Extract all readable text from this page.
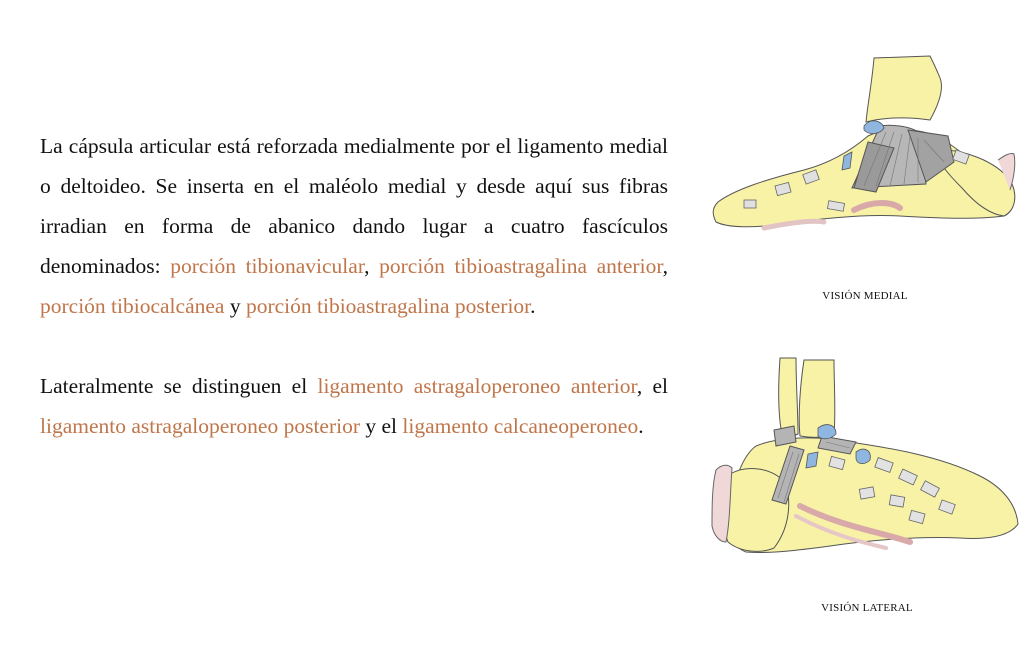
La cápsula articular está reforzada medialmente por el ligamento medial o deltoideo. Se inserta en el maléolo medial y desde aquí sus fibras irradian en forma de abanico dando lugar a cuatro fascículos denominados: porción tibionavicular, porción tibioastragalina anterior, porción tibiocalcánea y porción tibioastragalina posterior.

Lateralmente se distinguen el ligamento astragaloperoneo anterior, el ligamento astragaloperoneo posterior y el ligamento calcaneoperoneo.

VISIÓN MEDIAL
VISIÓN LATERAL
